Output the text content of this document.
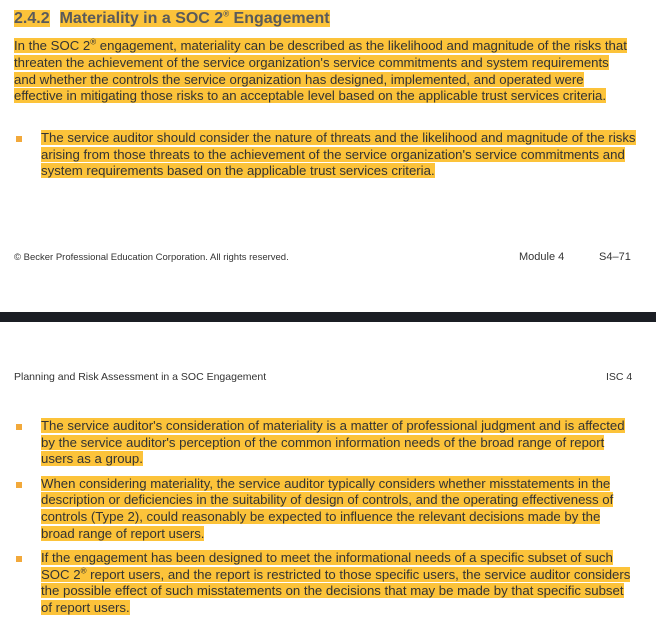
2.4.2 Materiality in a SOC 2® Engagement
In the SOC 2® engagement, materiality can be described as the likelihood and magnitude of the risks that threaten the achievement of the service organization's service commitments and system requirements and whether the controls the service organization has designed, implemented, and operated were effective in mitigating those risks to an acceptable level based on the applicable trust services criteria.
The service auditor should consider the nature of threats and the likelihood and magnitude of the risks arising from those threats to the achievement of the service organization's service commitments and system requirements based on the applicable trust services criteria.
© Becker Professional Education Corporation. All rights reserved.	Module 4	S4–71
Planning and Risk Assessment in a SOC Engagement	ISC 4
The service auditor's consideration of materiality is a matter of professional judgment and is affected by the service auditor's perception of the common information needs of the broad range of report users as a group.
When considering materiality, the service auditor typically considers whether misstatements in the description or deficiencies in the suitability of design of controls, and the operating effectiveness of controls (Type 2), could reasonably be expected to influence the relevant decisions made by the broad range of report users.
If the engagement has been designed to meet the informational needs of a specific subset of such SOC 2® report users, and the report is restricted to those specific users, the service auditor considers the possible effect of such misstatements on the decisions that may be made by that specific subset of report users.
